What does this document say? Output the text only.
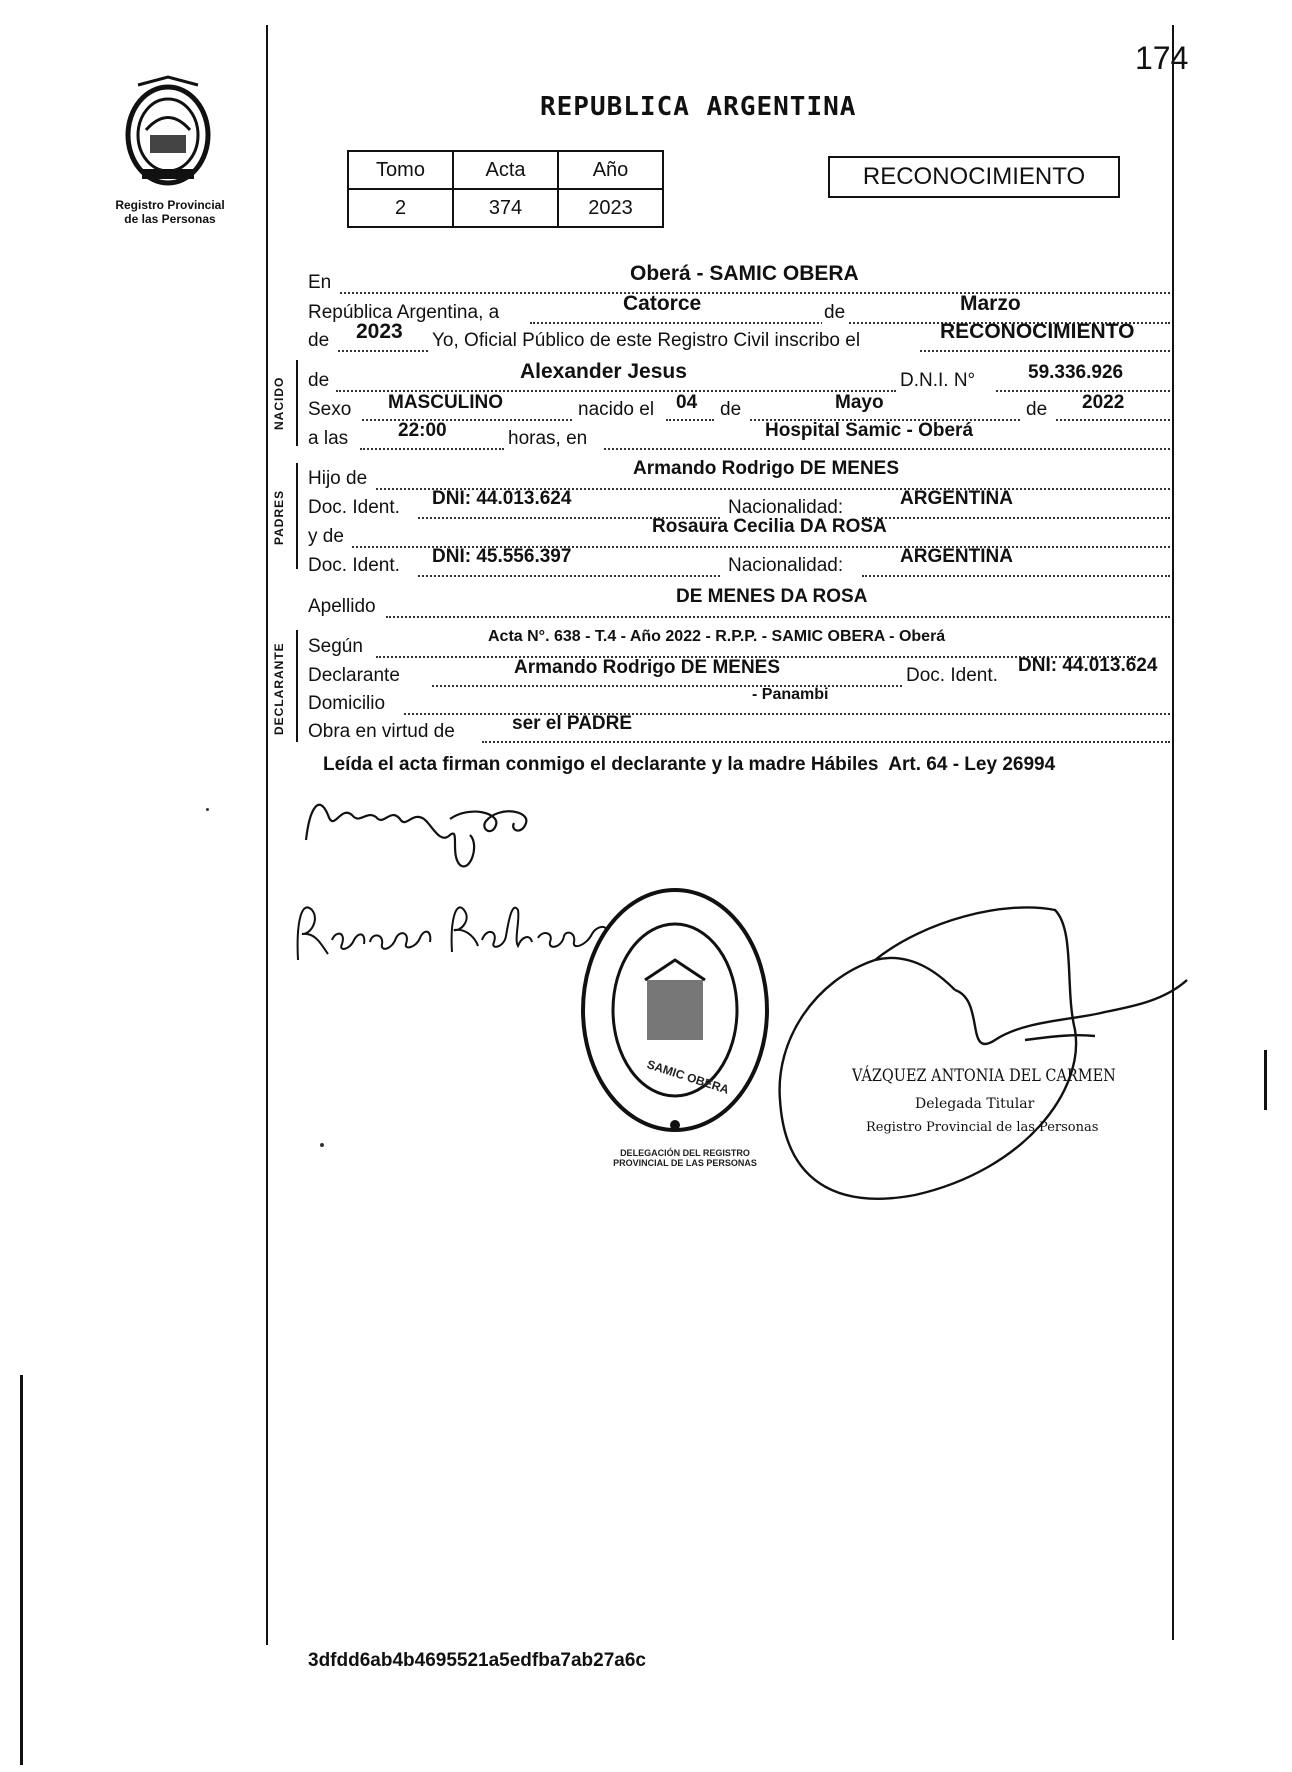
174
Registro Provincial
de las Personas
REPUBLICA ARGENTINA
Tomo	Acta	Año
2	374	2023
RECONOCIMIENTO
En	Oberá - SAMIC OBERA
República Argentina, a	Catorce	de	Marzo
de 2023 Yo, Oficial Público de este Registro Civil inscribo el	RECONOCIMIENTO
NACIDO de	Alexander Jesus	D.N.I. N°	59.336.926
Sexo MASCULINO	nacido el 04 de	Mayo	de 2022
a las	22:00	horas, en	Hospital Samic - Oberá
PADRES
Hijo de	Armando Rodrigo DE MENES
Doc. Ident. DNI: 44.013.624	Nacionalidad:	ARGENTINA
y de	Rosaura Cecilia DA ROSA
Doc. Ident. DNI: 45.556.397	Nacionalidad:	ARGENTINA
Apellido	DE MENES DA ROSA
DECLARANTE Según	Acta N°. 638 - T.4 - Año 2022 - R.P.P. - SAMIC OBERA - Oberá
Declarante	Armando Rodrigo DE MENES	Doc. Ident. DNI: 44.013.624
Domicilio	- Panambi
Obra en virtud de	ser el PADRE
Leída el acta firman conmigo el declarante y la madre Hábiles  Art. 64 - Ley 26994
DELEGACIÓN DEL REGISTRO PROVINCIAL DE LAS PERSONAS
SAMIC OBERA	VÁZQUEZ ANTONIA DEL CARMEN
Delegada Titular
Registro Provincial de las Personas
3dfdd6ab4b4695521a5edfba7ab27a6c
